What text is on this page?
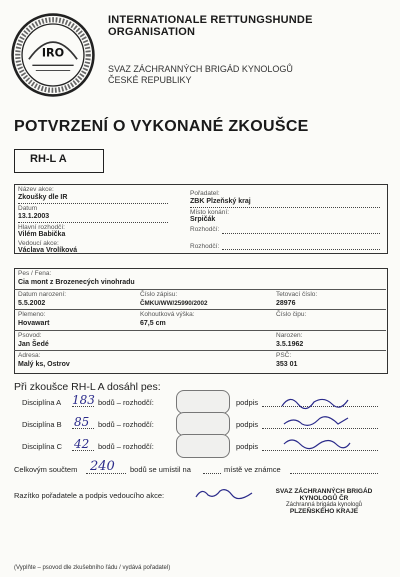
IRO
INTERNATIONALE RETTUNGSHUNDE
ORGANISATION
SVAZ ZÁCHRANNÝCH BRIGÁD KYNOLOGŮ
ČESKÉ REPUBLIKY
POTVRZENÍ O VYKONANÉ ZKOUŠCE
RH-L A
Název akce:
Zkoušky dle IR
Datum
13.1.2003
Hlavní rozhodčí:
Vilém Babička
Vedoucí akce:
Václava Vrolíková
Pořadatel:
ZBK Plzeňský kraj
Místo konání:
Srpičák
Rozhodčí:
Rozhodčí:
Pes / Fena:
Cia mont z Brozenecých vinohradu
Datum narození:
5.5.2002
Číslo zápisu:
ČMKU/WW/25990/2002
Tetovací číslo:
28976
Plemeno:
Hovawart
Kohoutková výška:
67,5 cm
Číslo čipu:
Psovod:
Jan Šedé
Narozen:
3.5.1962
Adresa:
Malý ks, Ostrov
PSČ:
353 01
Při zkoušce RH-L A dosáhl pes:
Disciplína A 183 bodů – rozhodčí:	podpis
Disciplína B 85 bodů – rozhodčí:	podpis
Disciplína C 42 bodů – rozhodčí:	podpis
Celkovým součtem 240 bodů se umístil na	místě ve známce
Razítko pořadatele a podpis vedoucího akce:	SVAZ ZÁCHRANNÝCH BRIGÁD
KYNOLOGŮ ČR
Záchranná brigáda kynologů
PLZEŇSKÉHO KRAJE
(Vyplňte – psovod dle zkušebního řádu / vydává pořadatel)
